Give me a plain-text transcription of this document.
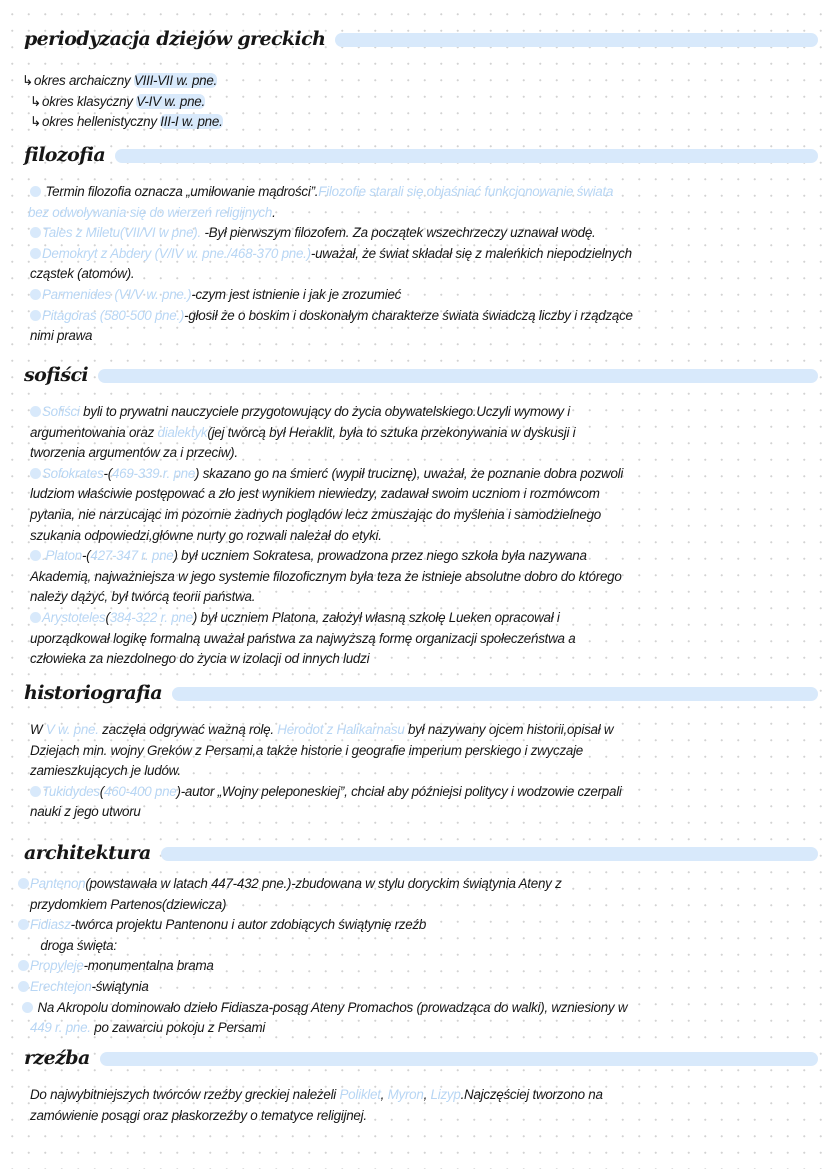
periodyzacja dziejów greckich
↳okres archaiczny VIII-VII w. pne.
↳okres klasyczny V-IV w. pne.
↳okres hellenistyczny III-I w. pne.
filozofia
Termin filozofia oznacza „umiłowanie mądrości”.Filozofie starali się objaśniać funkcjonowanie świata
bez odwoływania się do wierzeń religijnych.
Tales z Miletu(VII/VI w pne). -Był pierwszym filozofem. Za początek wszechrzeczy uznawał wodę.
Demokryt z Abdery (V/IV w. pne./468-370 pne.)-uważał, że świat składał się z maleńkich niepodzielnych
cząstek (atomów).
Parmenides (VI/V w. pne.)-czym jest istnienie i jak je zrozumieć
Pitagoras (580-500 pne.)-głosił że o boskim i doskonałym charakterze świata świadczą liczby i rządzące
nimi prawa
sofiści
Sofiści byli to prywatni nauczyciele przygotowujący do życia obywatelskiego.Uczyli wymowy i
argumentowania oraz dialektyk(jej twórcą był Heraklit, była to sztuka przekonywania w dyskusji i
tworzenia argumentów za i przeciw).
Sofokrates-(469-339 r. pne) skazano go na śmierć (wypił truciznę), uważał, że poznanie dobra pozwoli
ludziom właściwie postępować a zło jest wynikiem niewiedzy, zadawał swoim uczniom i rozmówcom
pytania, nie narzucając im pozornie żadnych poglądów lecz zmuszając do myślenia i samodzielnego
szukania odpowiedzi,główne nurty go rozwali należał do etyki.
.Platon-(427-347 r. pne) był uczniem Sokratesa, prowadzona przez niego szkoła była nazywana
Akademią, najważniejsza w jego systemie filozoficznym była teza że istnieje absolutne dobro do którego
należy dążyć, był twórcą teorii państwa.
Arystoteles(384-322 r. pne) był uczniem Platona, założył własną szkołę Lueken opracował i
uporządkował logikę formalną uważał państwa za najwyższą formę organizacji społeczeństwa a
człowieka za niezdolnego do życia w izolacji od innych ludzi
historiografia
W V w. pne. zaczęła odgrywać ważną rolę. Herodot z Halikarnasu był nazywany ojcem historii,opisał w
Dziejach min. wojny Greków z Persami,a także historie i geografie imperium perskiego i zwyczaje
zamieszkujących je ludów.
Tukidydes(460-400 pne)-autor „Wojny peleponeskiej”, chciał aby późniejsi politycy i wodzowie czerpali
nauki z jego utworu
architektura
Pantenon(powstawała w latach 447-432 pne.)-zbudowana w stylu doryckim świątynia Ateny z
przydomkiem Partenos(dziewicza)
Fidiasz-twórca projektu Pantenonu i autor zdobiących świątynię rzeźb
droga święta:
Propyleje-monumentalna brama
Erechtejon-świątynia
Na Akropolu dominowało dzieło Fidiasza-posąg Ateny Promachos (prowadząca do walki), wzniesiony w
449 r. pne. po zawarciu pokoju z Persami
rzeźba
Do najwybitniejszych twórców rzeźby greckiej należeli Poliklet, Myron, Lizyp.Najczęściej tworzono na
zamówienie posągi oraz płaskorzeźby o tematyce religijnej.
